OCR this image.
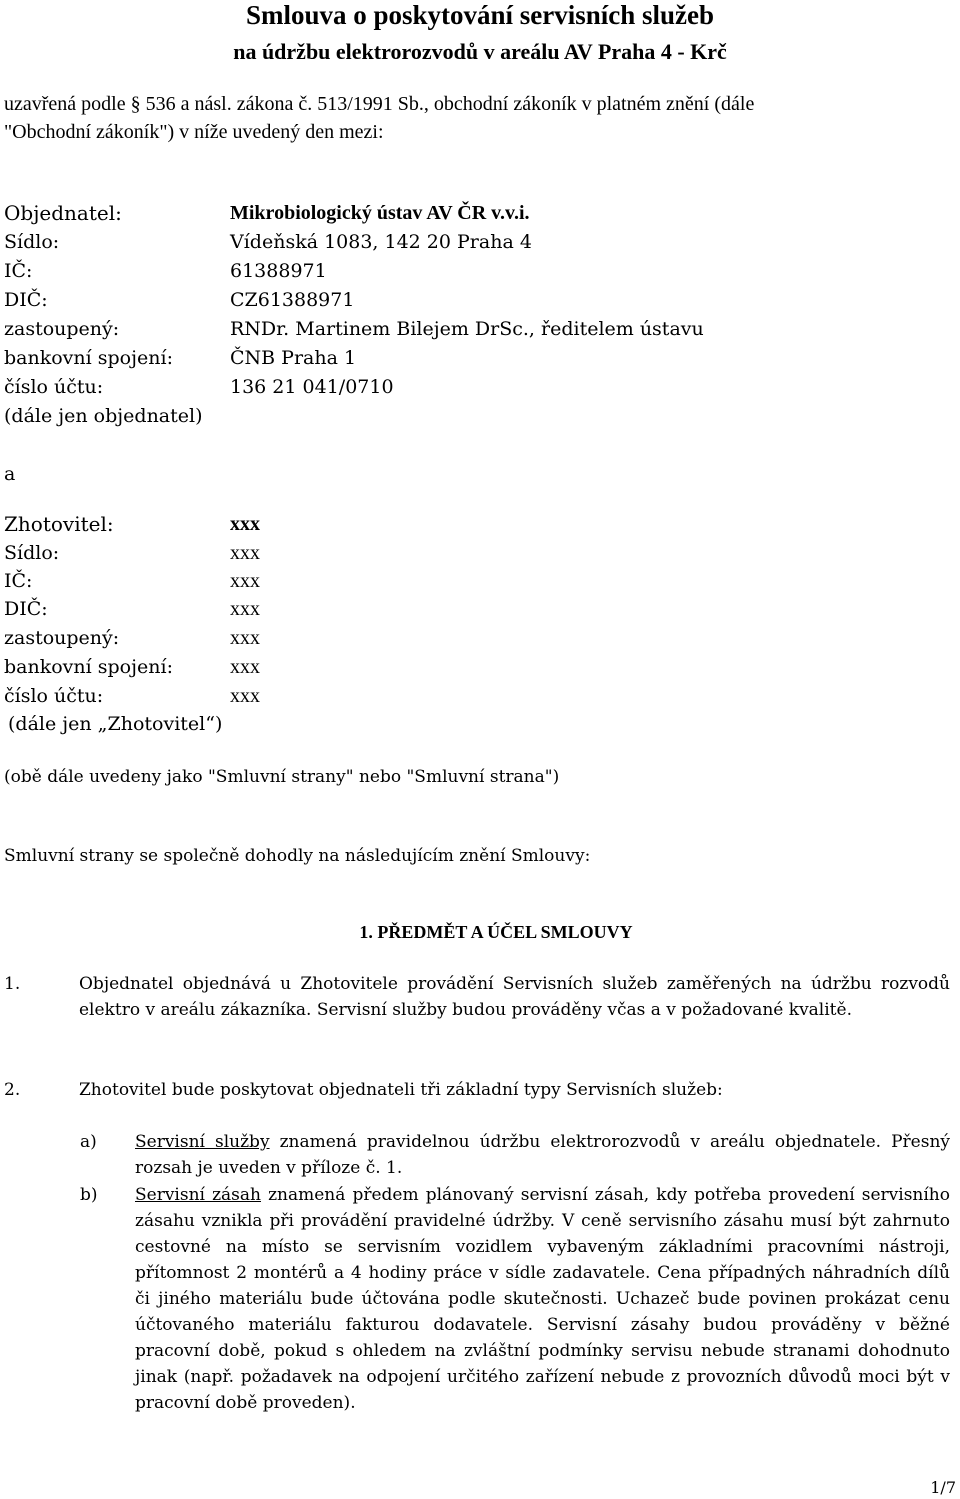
Smlouva o poskytování servisních služeb
na údržbu elektrorozvodů v areálu AV Praha 4 - Krč
uzavřená podle § 536 a násl. zákona č. 513/1991 Sb., obchodní zákoník v platném znění (dále
"Obchodní zákoník") v níže uvedený den mezi:
Objednatel:	Mikrobiologický ústav AV ČR v.v.i.
Sídlo:	Vídeňská 1083, 142 20 Praha 4
IČ:	61388971
DIČ:	CZ61388971
zastoupený:	RNDr. Martinem Bilejem DrSc., ředitelem ústavu
bankovní spojení:	ČNB Praha 1
číslo účtu:	136 21 041/0710
(dále jen objednatel)
a
Zhotovitel:	xxx
Sídlo:	xxx
IČ:	xxx
DIČ:	xxx
zastoupený:	xxx
bankovní spojení:	xxx
číslo účtu:	xxx
(dále jen „Zhotovitel“)
(obě dále uvedeny jako "Smluvní strany" nebo "Smluvní strana")
Smluvní strany se společně dohodly na následujícím znění Smlouvy:
1. PŘEDMĚT A ÚČEL SMLOUVY
1.	Objednatel objednává u Zhotovitele provádění Servisních služeb zaměřených na údržbu rozvodů elektro v areálu zákazníka. Servisní služby budou prováděny včas a v požadované kvalitě.
2.	Zhotovitel bude poskytovat objednateli tři základní typy Servisních služeb:
a) Servisní služby znamená pravidelnou údržbu elektrorozvodů v areálu objednatele. Přesný rozsah je uveden v příloze č. 1.
b) Servisní zásah znamená předem plánovaný servisní zásah, kdy potřeba provedení servisního zásahu vznikla při provádění pravidelné údržby. V ceně servisního zásahu musí být zahrnuto cestovné na místo se servisním vozidlem vybaveným základními pracovními nástroji, přítomnost 2 montérů a 4 hodiny práce v sídle zadavatele. Cena případných náhradních dílů či jiného materiálu bude účtována podle skutečnosti. Uchazeč bude povinen prokázat cenu účtovaného materiálu fakturou dodavatele. Servisní zásahy budou prováděny v běžné pracovní době, pokud s ohledem na zvláštní podmínky servisu nebude stranami dohodnuto jinak (např. požadavek na odpojení určitého zařízení nebude z provozních důvodů moci být v pracovní době proveden).
1/7
